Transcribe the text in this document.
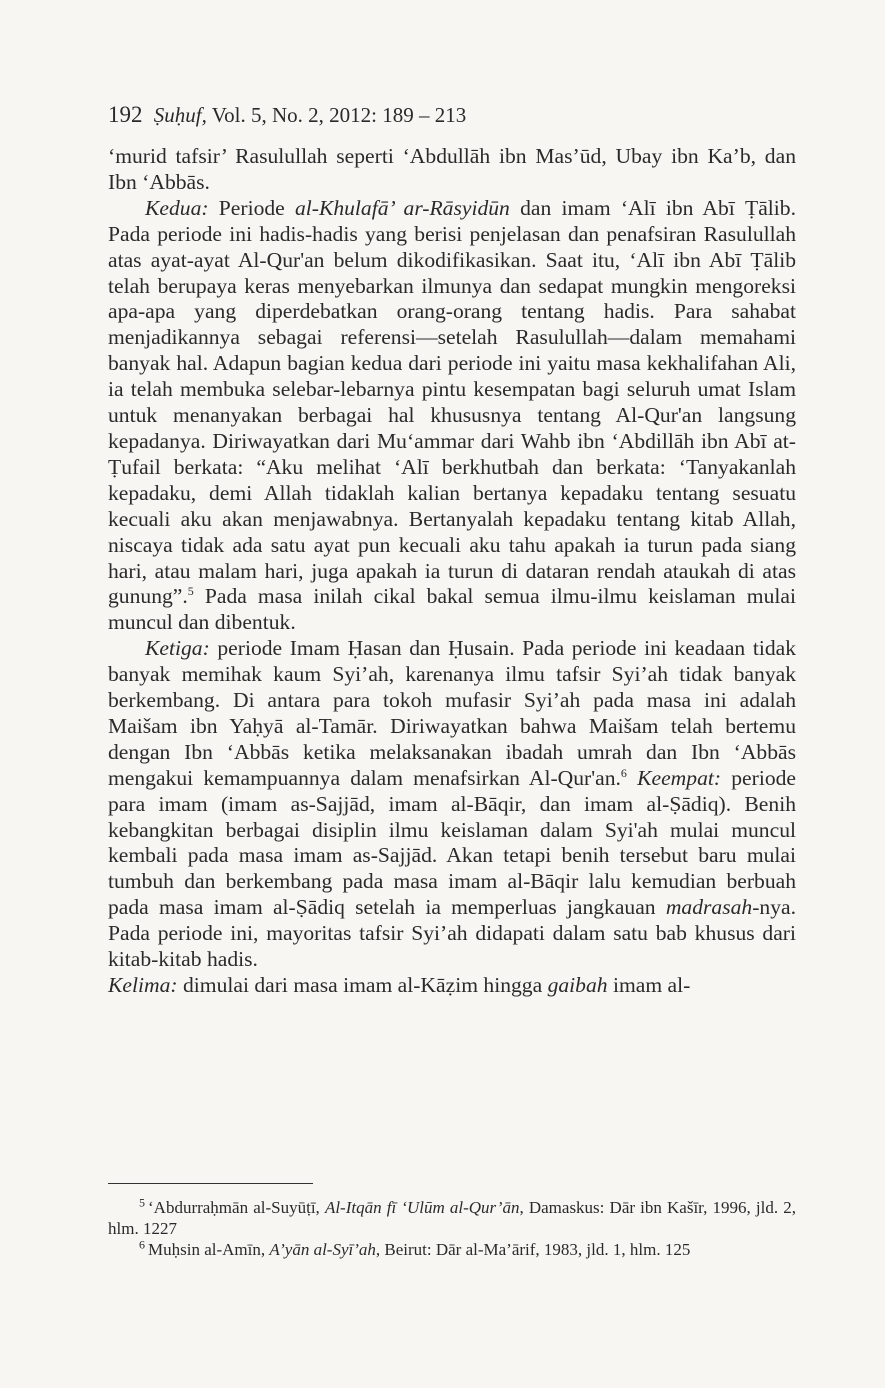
192 Ṣuḥuf, Vol. 5, No. 2, 2012: 189 – 213

‘murid tafsir’ Rasulullah seperti ‘Abdullāh ibn Mas’ūd, Ubay ibn Ka’b, dan Ibn ‘Abbās.

Kedua: Periode al-Khulafā’ ar-Rāsyidūn dan imam ‘Alī ibn Abī Ṭālib. Pada periode ini hadis-hadis yang berisi penjelasan dan penafsiran Rasulullah atas ayat-ayat Al-Qur'an belum dikodifikasikan. Saat itu, ‘Alī ibn Abī Ṭālib telah berupaya keras menyebarkan ilmunya dan sedapat mungkin mengoreksi apa-apa yang diperdebatkan orang-orang tentang hadis. Para sahabat menjadikannya sebagai referensi—setelah Rasulullah—dalam memahami banyak hal. Adapun bagian kedua dari periode ini yaitu masa kekhalifahan Ali, ia telah membuka selebar-lebarnya pintu kesempatan bagi seluruh umat Islam untuk menanyakan berbagai hal khususnya tentang Al-Qur'an langsung kepadanya. Diriwayatkan dari Mu‘ammar dari Wahb ibn ‘Abdillāh ibn Abī at-Ṭufail berkata: “Aku melihat ‘Alī berkhutbah dan berkata: ‘Tanyakanlah kepadaku, demi Allah tidaklah kalian bertanya kepadaku tentang sesuatu kecuali aku akan menjawabnya. Bertanyalah kepadaku tentang kitab Allah, niscaya tidak ada satu ayat pun kecuali aku tahu apakah ia turun pada siang hari, atau malam hari, juga apakah ia turun di dataran rendah ataukah di atas gunung”.$^5$ Pada masa inilah cikal bakal semua ilmu-ilmu keislaman mulai muncul dan dibentuk.

Ketiga: periode Imam Ḥasan dan Ḥusain. Pada periode ini keadaan tidak banyak memihak kaum Syi’ah, karenanya ilmu tafsir Syi’ah tidak banyak berkembang. Di antara para tokoh mufasir Syi’ah pada masa ini adalah Maišam ibn Yaḥyā al-Tamār. Diriwayatkan bahwa Maišam telah bertemu dengan Ibn ‘Abbās ketika melaksanakan ibadah umrah dan Ibn ‘Abbās mengakui kemampuannya dalam menafsirkan Al-Qur'an.$^6$ Keempat: periode para imam (imam as-Sajjād, imam al-Bāqir, dan imam al-Ṣādiq). Benih kebangkitan berbagai disiplin ilmu keislaman dalam Syi'ah mulai muncul kembali pada masa imam as-Sajjād. Akan tetapi benih tersebut baru mulai tumbuh dan berkembang pada masa imam al-Bāqir lalu kemudian berbuah pada masa imam al-Ṣādiq setelah ia memperluas jangkauan madrasah-nya. Pada periode ini, mayoritas tafsir Syi’ah didapati dalam satu bab khusus dari kitab-kitab hadis.

Kelima: dimulai dari masa imam al-Kāẓim hingga gaibah imam al-

$^5$ ‘Abdurraḥmān al-Suyūṭī, Al-Itqān fī ‘Ulūm al-Qur’ān, Damaskus: Dār ibn Kašīr, 1996, jld. 2, hlm. 1227
$^6$ Muḥsin al-Amīn, A’yān al-Syī’ah, Beirut: Dār al-Ma’ārif, 1983, jld. 1, hlm. 125
